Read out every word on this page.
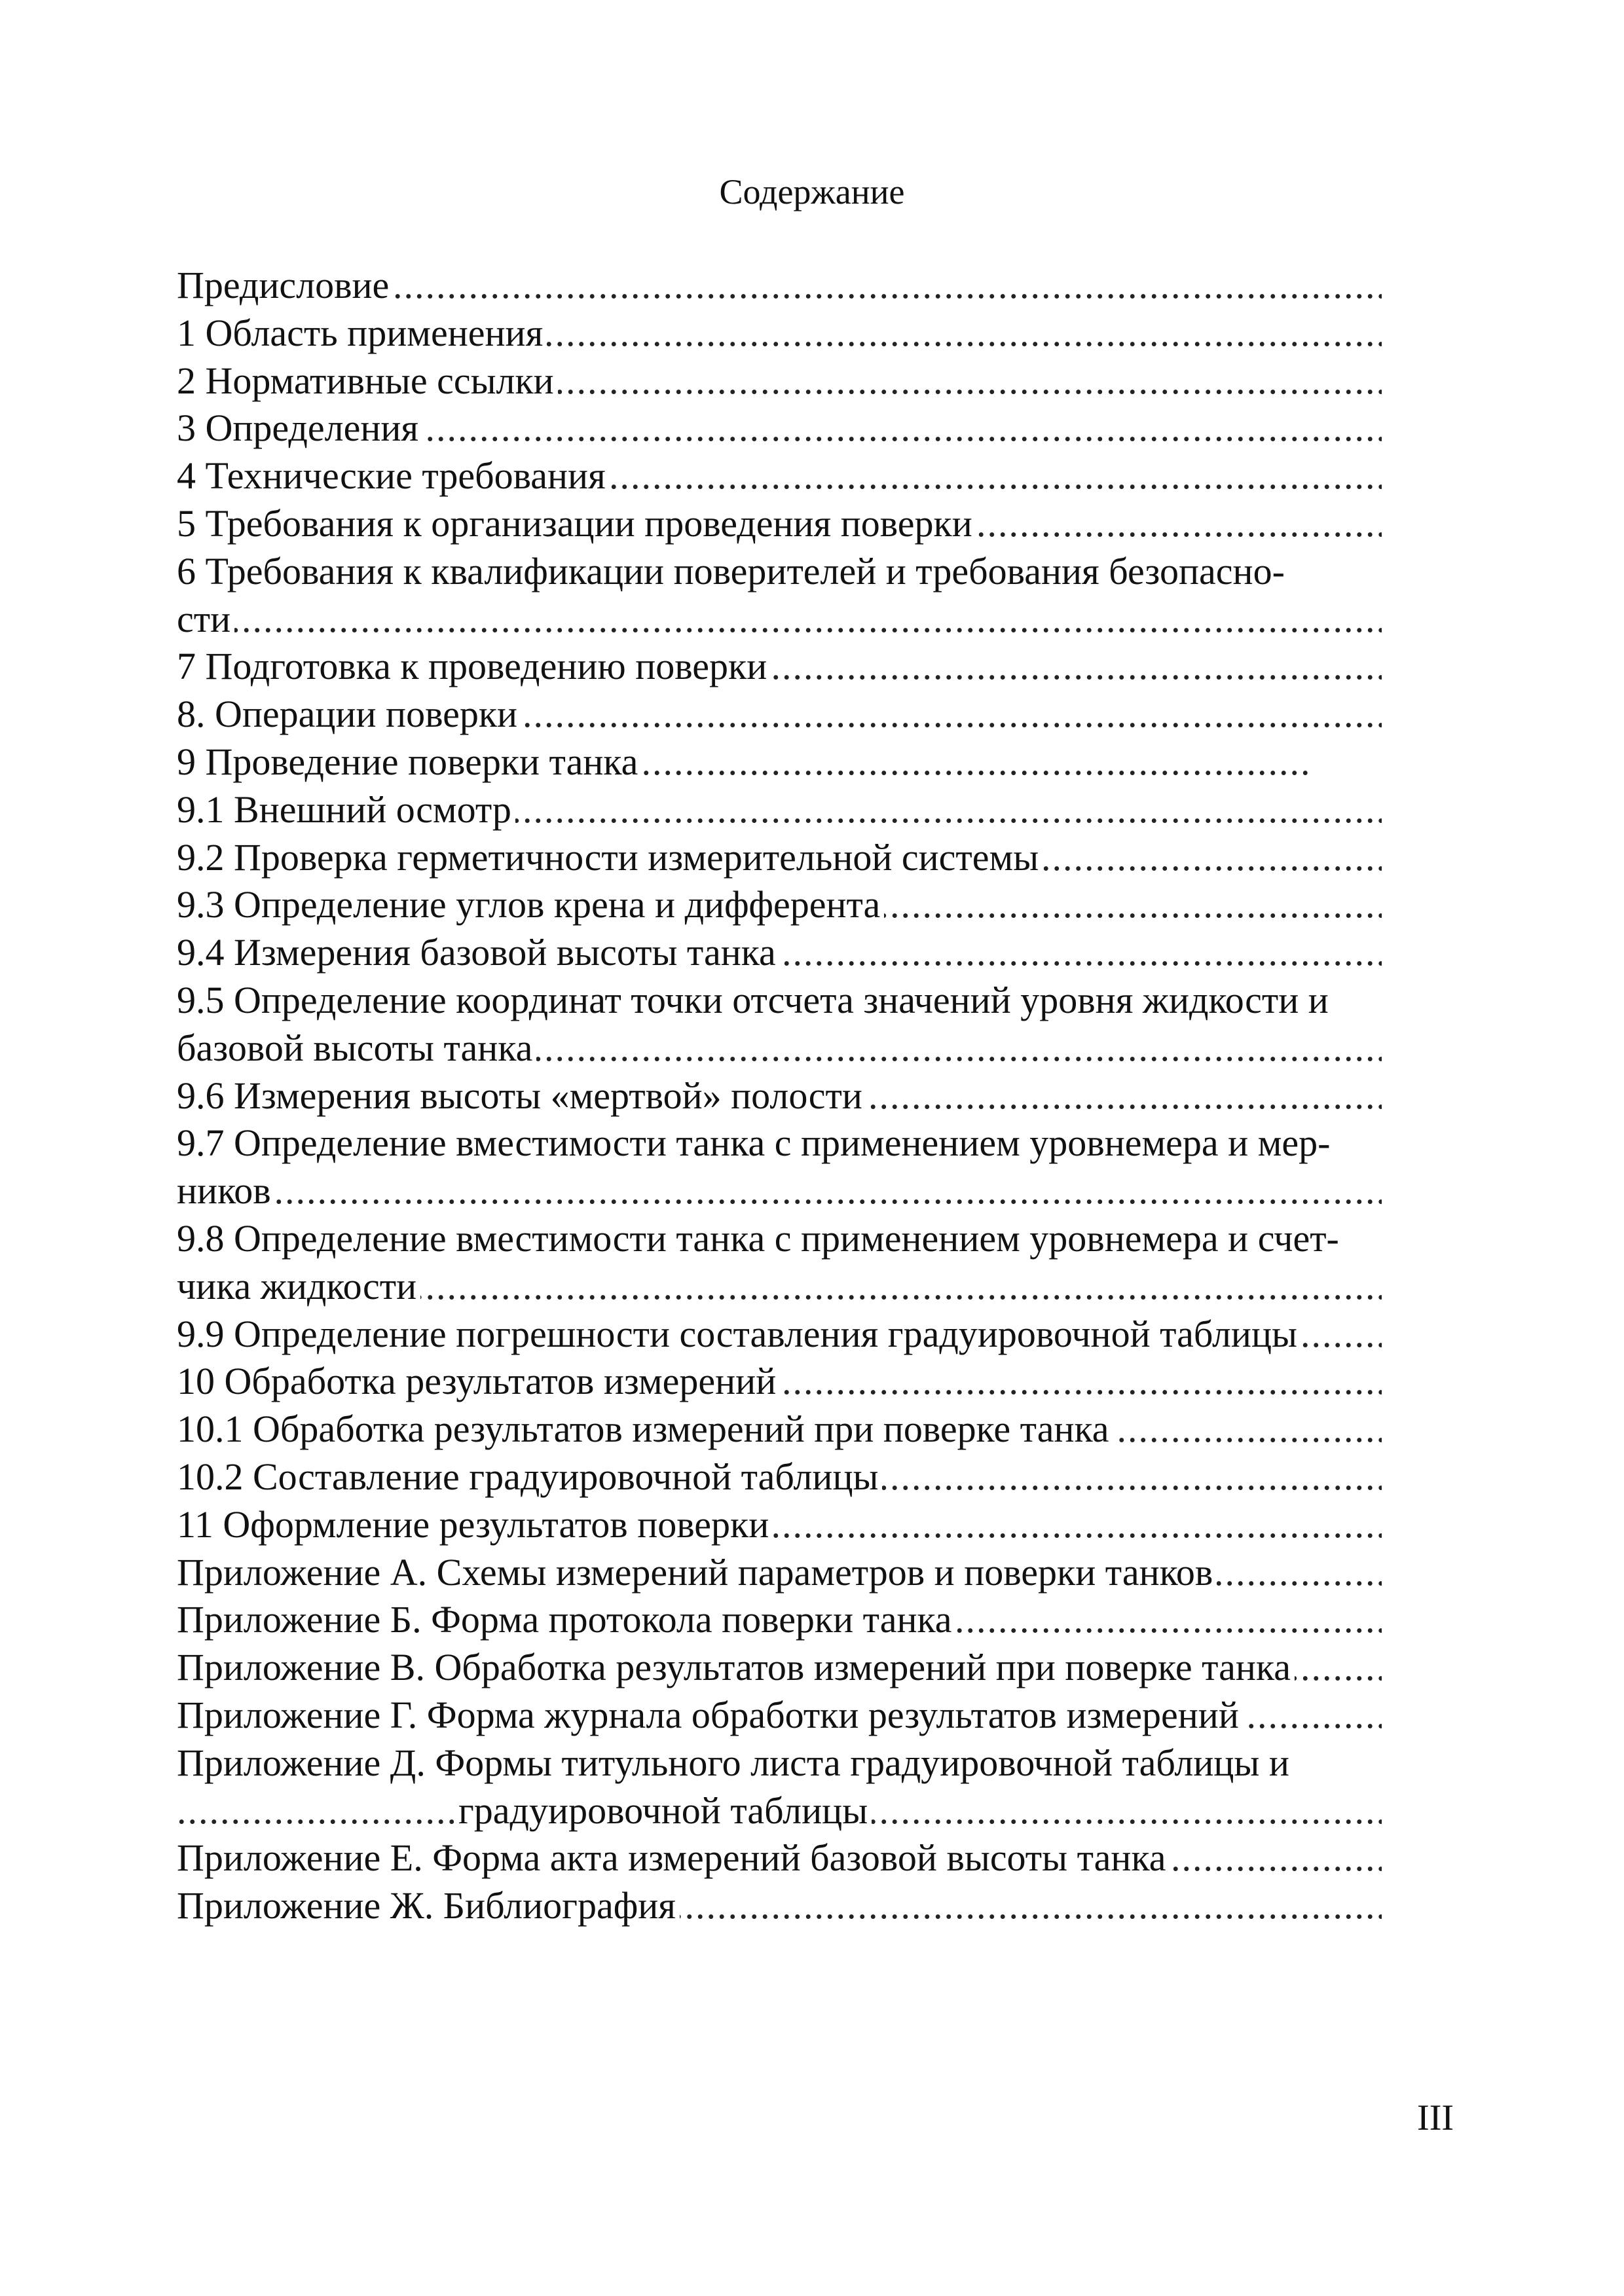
Содержание
.....
Предисловие
.....
1 Область применения
.....
2 Нормативные ссылки
.....
3 Определения
.....
4 Технические требования
.....
5 Требования к организации проведения поверки
6 Требования к квалификации поверителей и требования безопасно-
.....
сти
.....
7 Подготовка к проведению поверки
.....
8. Операции поверки
.....
9 Проведение поверки танка
.....
9.1 Внешний осмотр
.....
9.2 Проверка герметичности измерительной системы
.....
9.3 Определение углов крена и дифферента
.....
9.4 Измерения базовой высоты танка
9.5 Определение координат точки отсчета значений уровня жидкости и
.....
базовой высоты танка
.....
9.6 Измерения высоты «мертвой» полости
9.7 Определение вместимости танка с применением уровнемера и мер-
.....
ников
9.8 Определение вместимости танка с применением уровнемера и счет-
.....
чика жидкости
.....
9.9 Определение погрешности составления градуировочной таблицы
.....
10 Обработка результатов измерений
.....
10.1 Обработка результатов измерений при поверке танка
.....
10.2 Составление градуировочной таблицы
.....
11 Оформление результатов поверки
.....
Приложение А. Схемы измерений параметров и поверки танков
.....
Приложение Б. Форма протокола поверки танка
.....
Приложение В. Обработка результатов измерений при поверке танка
.....
Приложение Г. Форма журнала обработки результатов измерений
Приложение Д. Формы титульного листа градуировочной таблицы и
.....
градуировочной таблицы
.....
Приложение Е. Форма акта измерений базовой высоты танка
.....
Приложение Ж. Библиография
III
